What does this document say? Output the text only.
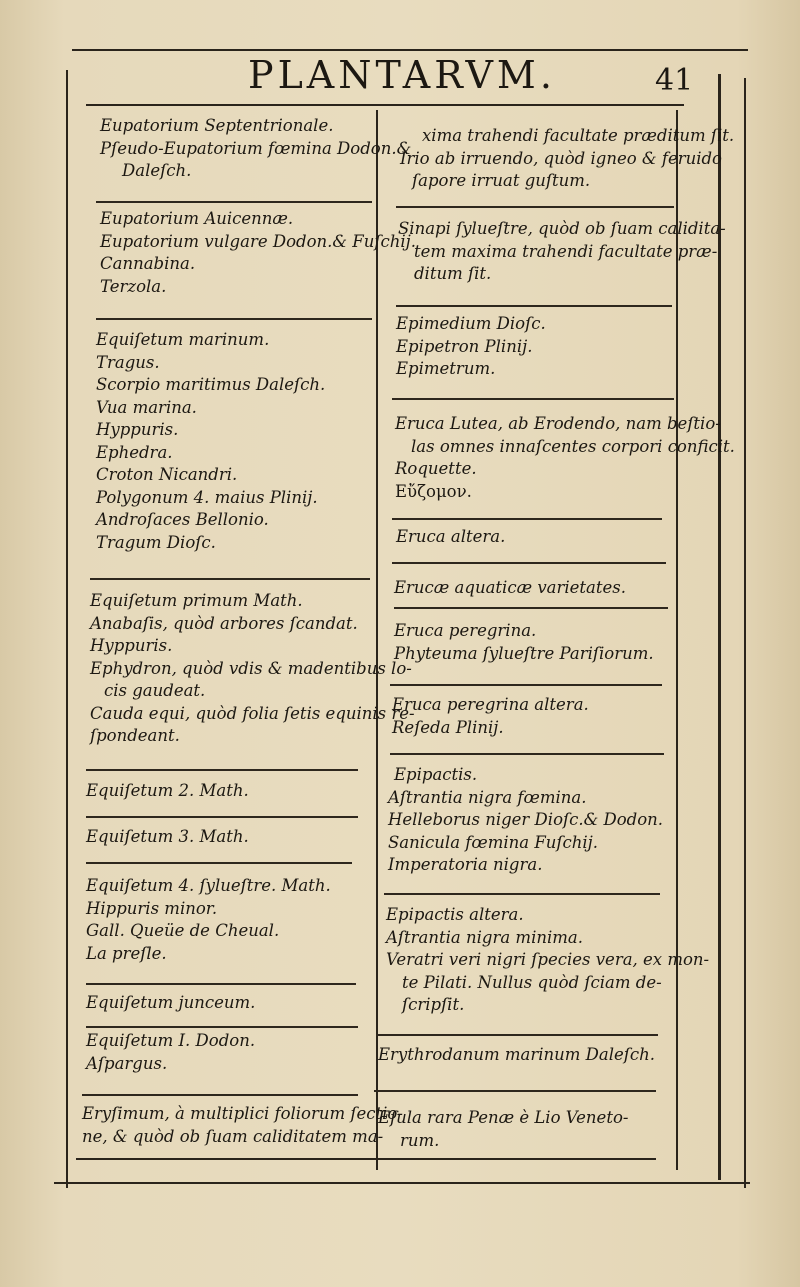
PLANTARVM.	41
Eupatorium Septentrionale.
Pſeudo-Eupatorium fœmina Dodon.&
Daleſch.
Eupatorium Auicennæ.
Eupatorium vulgare Dodon.& Fuſchij.
Cannabina.
Terzola.
Equiſetum marinum.
Tragus.
Scorpio maritimus Daleſch.
Vua marina.
Hyppuris.
Ephedra.
Croton Nicandri.
Polygonum 4. maius Plinij.
Androſaces Bellonio.
Tragum Dioſc.
Equiſetum primum Math.
Anabaſis, quòd arbores ſcandat.
Hyppuris.
Ephydron, quòd vdis & madentibus lo-
cis gaudeat.
Cauda equi, quòd folia ſetis equinis re-
ſpondeant.
Equiſetum 2. Math.
Equiſetum 3. Math.
Equiſetum 4. ſylueſtre. Math.
Hippuris minor.
Gall. Queüe de Cheual.
La preſle.
Equiſetum junceum.
Equiſetum I. Dodon.
Aſpargus.
Eryſimum, à multiplici foliorum ſectio-
ne, & quòd ob ſuam caliditatem ma-
xima trahendi facultate præditum ſit.
Irio ab irruendo, quòd igneo & feruido
ſapore irruat guſtum.
Sinapi ſylueſtre, quòd ob ſuam calidita-
tem maxima trahendi facultate præ-
ditum ſit.
Epimedium Dioſc.
Epipetron Plinij.
Epimetrum.
Eruca Lutea, ab Erodendo, nam beſtio-
las omnes innaſcentes corpori conficit.
Roquette.
Εὔζομον.
Eruca altera.
Erucæ aquaticæ varietates.
Eruca peregrina.
Phyteuma ſylueſtre Pariſiorum.
Eruca peregrina altera.
Reſeda Plinij.
Epipactis.
Aſtrantia nigra fœmina.
Helleborus niger Dioſc.& Dodon.
Sanicula fœmina Fuſchij.
Imperatoria nigra.
Epipactis altera.
Aſtrantia nigra minima.
Veratri veri nigri ſpecies vera, ex mon-
te Pilati. Nullus quòd ſciam de-
ſcripſit.
Erythrodanum marinum Daleſch.
Eſula rara Penæ è Lio Veneto-
rum.
